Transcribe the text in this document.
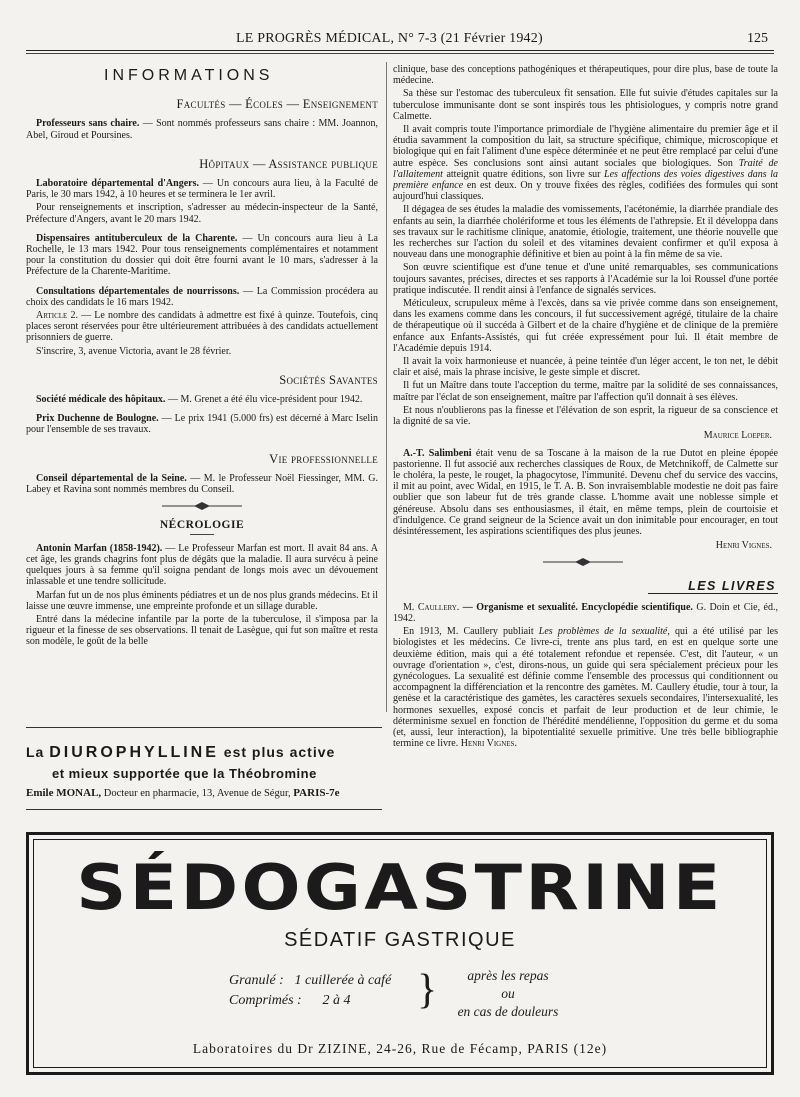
LE PROGRÈS MÉDICAL, N° 7-3 (21 Février 1942)	125
INFORMATIONS
Facultés — Écoles — Enseignement

Professeurs sans chaire. — Sont nommés professeurs sans chaire : MM. Joannon, Abel, Giroud et Poursines.

Hôpitaux — Assistance publique

Laboratoire départemental d'Angers. — Un concours aura lieu, à la Faculté de Paris, le 30 mars 1942, à 10 heures et se terminera le 1er avril.

Pour renseignements et inscription, s'adresser au médecin-inspecteur de la Santé, Préfecture d'Angers, avant le 20 mars 1942.

Dispensaires antituberculeux de la Charente. — Un concours aura lieu à La Rochelle, le 13 mars 1942. Pour tous renseignements complémentaires et notamment pour la constitution du dossier qui doit être fourni avant le 10 mars, s'adresser à la Préfecture de la Charente-Maritime.

Consultations départementales de nourrissons. — La Commission procédera au choix des candidats le 16 mars 1942.

Article 2. — Le nombre des candidats à admettre est fixé à quinze. Toutefois, cinq places seront réservées pour être ultérieurement attribuées à des candidats actuellement prisonniers de guerre.

S'inscrire, 3, avenue Victoria, avant le 28 février.

Sociétés Savantes

Société médicale des hôpitaux. — M. Grenet a été élu vice-président pour 1942.

Prix Duchenne de Boulogne. — Le prix 1941 (5.000 frs) est décerné à Marc Iselin pour l'ensemble de ses travaux.

Vie professionnelle

Conseil départemental de la Seine. — M. le Professeur Noël Fiessinger, MM. G. Labey et Ravina sont nommés membres du Conseil.

NÉCROLOGIE

Antonin Marfan (1858-1942). — Le Professeur Marfan est mort. Il avait 84 ans. A cet âge, les grands chagrins font plus de dégâts que la maladie. Il aura survécu à peine quelques jours à sa femme qu'il soigna pendant de longs mois avec un dévouement inlassable et une tendre sollicitude.

Marfan fut un de nos plus éminents pédiatres et un de nos plus grands médecins. Et il laisse une œuvre immense, une empreinte profonde et un sillage durable.

Entré dans la médecine infantile par la porte de la tuberculose, il s'imposa par la rigueur et la finesse de ses observations. Il tenait de Lasègue, qui fut son maître et resta son modèle, le goût de la belle

clinique, base des conceptions pathogéniques et thérapeutiques, pour dire plus, base de toute la médecine.

Sa thèse sur l'estomac des tuberculeux fit sensation. Elle fut suivie d'études capitales sur la tuberculose immunisante dont se sont inspirés tous les phtisiologues, y compris notre grand Calmette.

Il avait compris toute l'importance primordiale de l'hygiène alimentaire du premier âge et il étudia savamment la composition du lait, sa structure spécifique, chimique, microscopique et biologique qui en fait l'aliment d'une espèce déterminée et ne peut être remplacé par celui d'une autre espèce. Ses conclusions sont ainsi autant sociales que biologiques. Son Traité de l'allaitement atteignit quatre éditions, son livre sur Les affections des voies digestives dans la première enfance en est deux. On y trouve fixées des règles, codifiées des formules qui sont aujourd'hui classiques.

Il dégagea de ses études la maladie des vomissements, l'acétonémie, la diarrhée prandiale des enfants au sein, la diarrhée cholériforme et tous les éléments de l'athrepsie. Et il développa dans ses travaux sur le rachitisme clinique, anatomie, étiologie, traitement, une théorie nouvelle que les recherches sur l'action du soleil et des vitamines devaient confirmer et qu'il exposa à nouveau dans une monographie définitive et bien au point à la fin même de sa vie.

Son œuvre scientifique est d'une tenue et d'une unité remarquables, ses communications toujours savantes, précises, directes et ses rapports à l'Académie sur la loi Roussel d'une portée pratique indiscutée. Il rendit ainsi à l'enfance de signalés services.

Méticuleux, scrupuleux même à l'excès, dans sa vie privée comme dans son enseignement, dans les examens comme dans les concours, il fut successivement agrégé, titulaire de la chaire de thérapeutique où il succéda à Gilbert et de la chaire d'hygiène et de clinique de la première enfance aux Enfants-Assistés, qui fut créée expressément pour lui. Il était membre de l'Académie depuis 1914.

Il avait la voix harmonieuse et nuancée, à peine teintée d'un léger accent, le ton net, le débit clair et aisé, mais la phrase incisive, le geste simple et discret.

Il fut un Maître dans toute l'acception du terme, maître par la solidité de ses connaissances, maître par l'éclat de son enseignement, maître par l'affection qu'il donnait à ses élèves.

Et nous n'oublierons pas la finesse et l'élévation de son esprit, la rigueur de sa conscience et la dignité de sa vie.

Maurice Loeper.

A.-T. Salimbeni était venu de sa Toscane à la maison de la rue Dutot en pleine épopée pastorienne. Il fut associé aux recherches classiques de Roux, de Metchnikoff, de Calmette sur le choléra, la peste, le rouget, la phagocytose, l'immunité. Devenu chef du service des vaccins, il mit au point, avec Widal, en 1915, le T. A. B. Son invraisemblable modestie ne doit pas faire oublier que son labeur fut de très grande classe. L'homme avait une noblesse simple et généreuse. Absolu dans ses enthousiasmes, il était, en même temps, plein de courtoisie et d'indulgence. Ce grand seigneur de la Science avait un don inimitable pour encourager, en tout désintéressement, les aspirations scientifiques des plus jeunes.

Henri Vignes.
LES LIVRES

M. Caullery. — Organisme et sexualité. Encyclopédie scientifique. G. Doin et Cie, éd., 1942.

En 1913, M. Caullery publiait Les problèmes de la sexualité, qui a été utilisé par les biologistes et les médecins. Ce livre-ci, trente ans plus tard, en est en quelque sorte une deuxième édition, mais qui a été totalement refondue et repensée. C'est, dit l'auteur, « un ouvrage d'orientation », c'est, dirons-nous, un guide qui sera spécialement précieux pour les gynécologues. La sexualité est définie comme l'ensemble des processus qui conditionnent ou accompagnent la différenciation et la rencontre des gamètes. M. Caullery étudie, tour à tour, la genèse et la caractéristique des gamètes, les caractères sexuels secondaires, l'intersexualité, les hormones sexuelles, exposé concis et parfait de leur production et de leur chimie, le déterminisme sexuel en fonction de l'hérédité mendélienne, l'opposition du germe et du soma (et, aussi, leur interaction), la bipotentialité sexuelle primitive. Une très belle bibliographie termine ce livre. Henri Vignes.

La DIUROPHYLLINE est plus active
et mieux supportée que la Théobromine
Emile MONAL, Docteur en pharmacie, 13, Avenue de Ségur, PARIS-7e
SÉDOGASTRINE
SÉDATIF GASTRIQUE
Granulé : 1 cuillerée à café
Comprimés : 2 à 4	}	après les repas
ou
en cas de douleurs
Laboratoires du Dr ZIZINE, 24-26, Rue de Fécamp, PARIS (12e)
